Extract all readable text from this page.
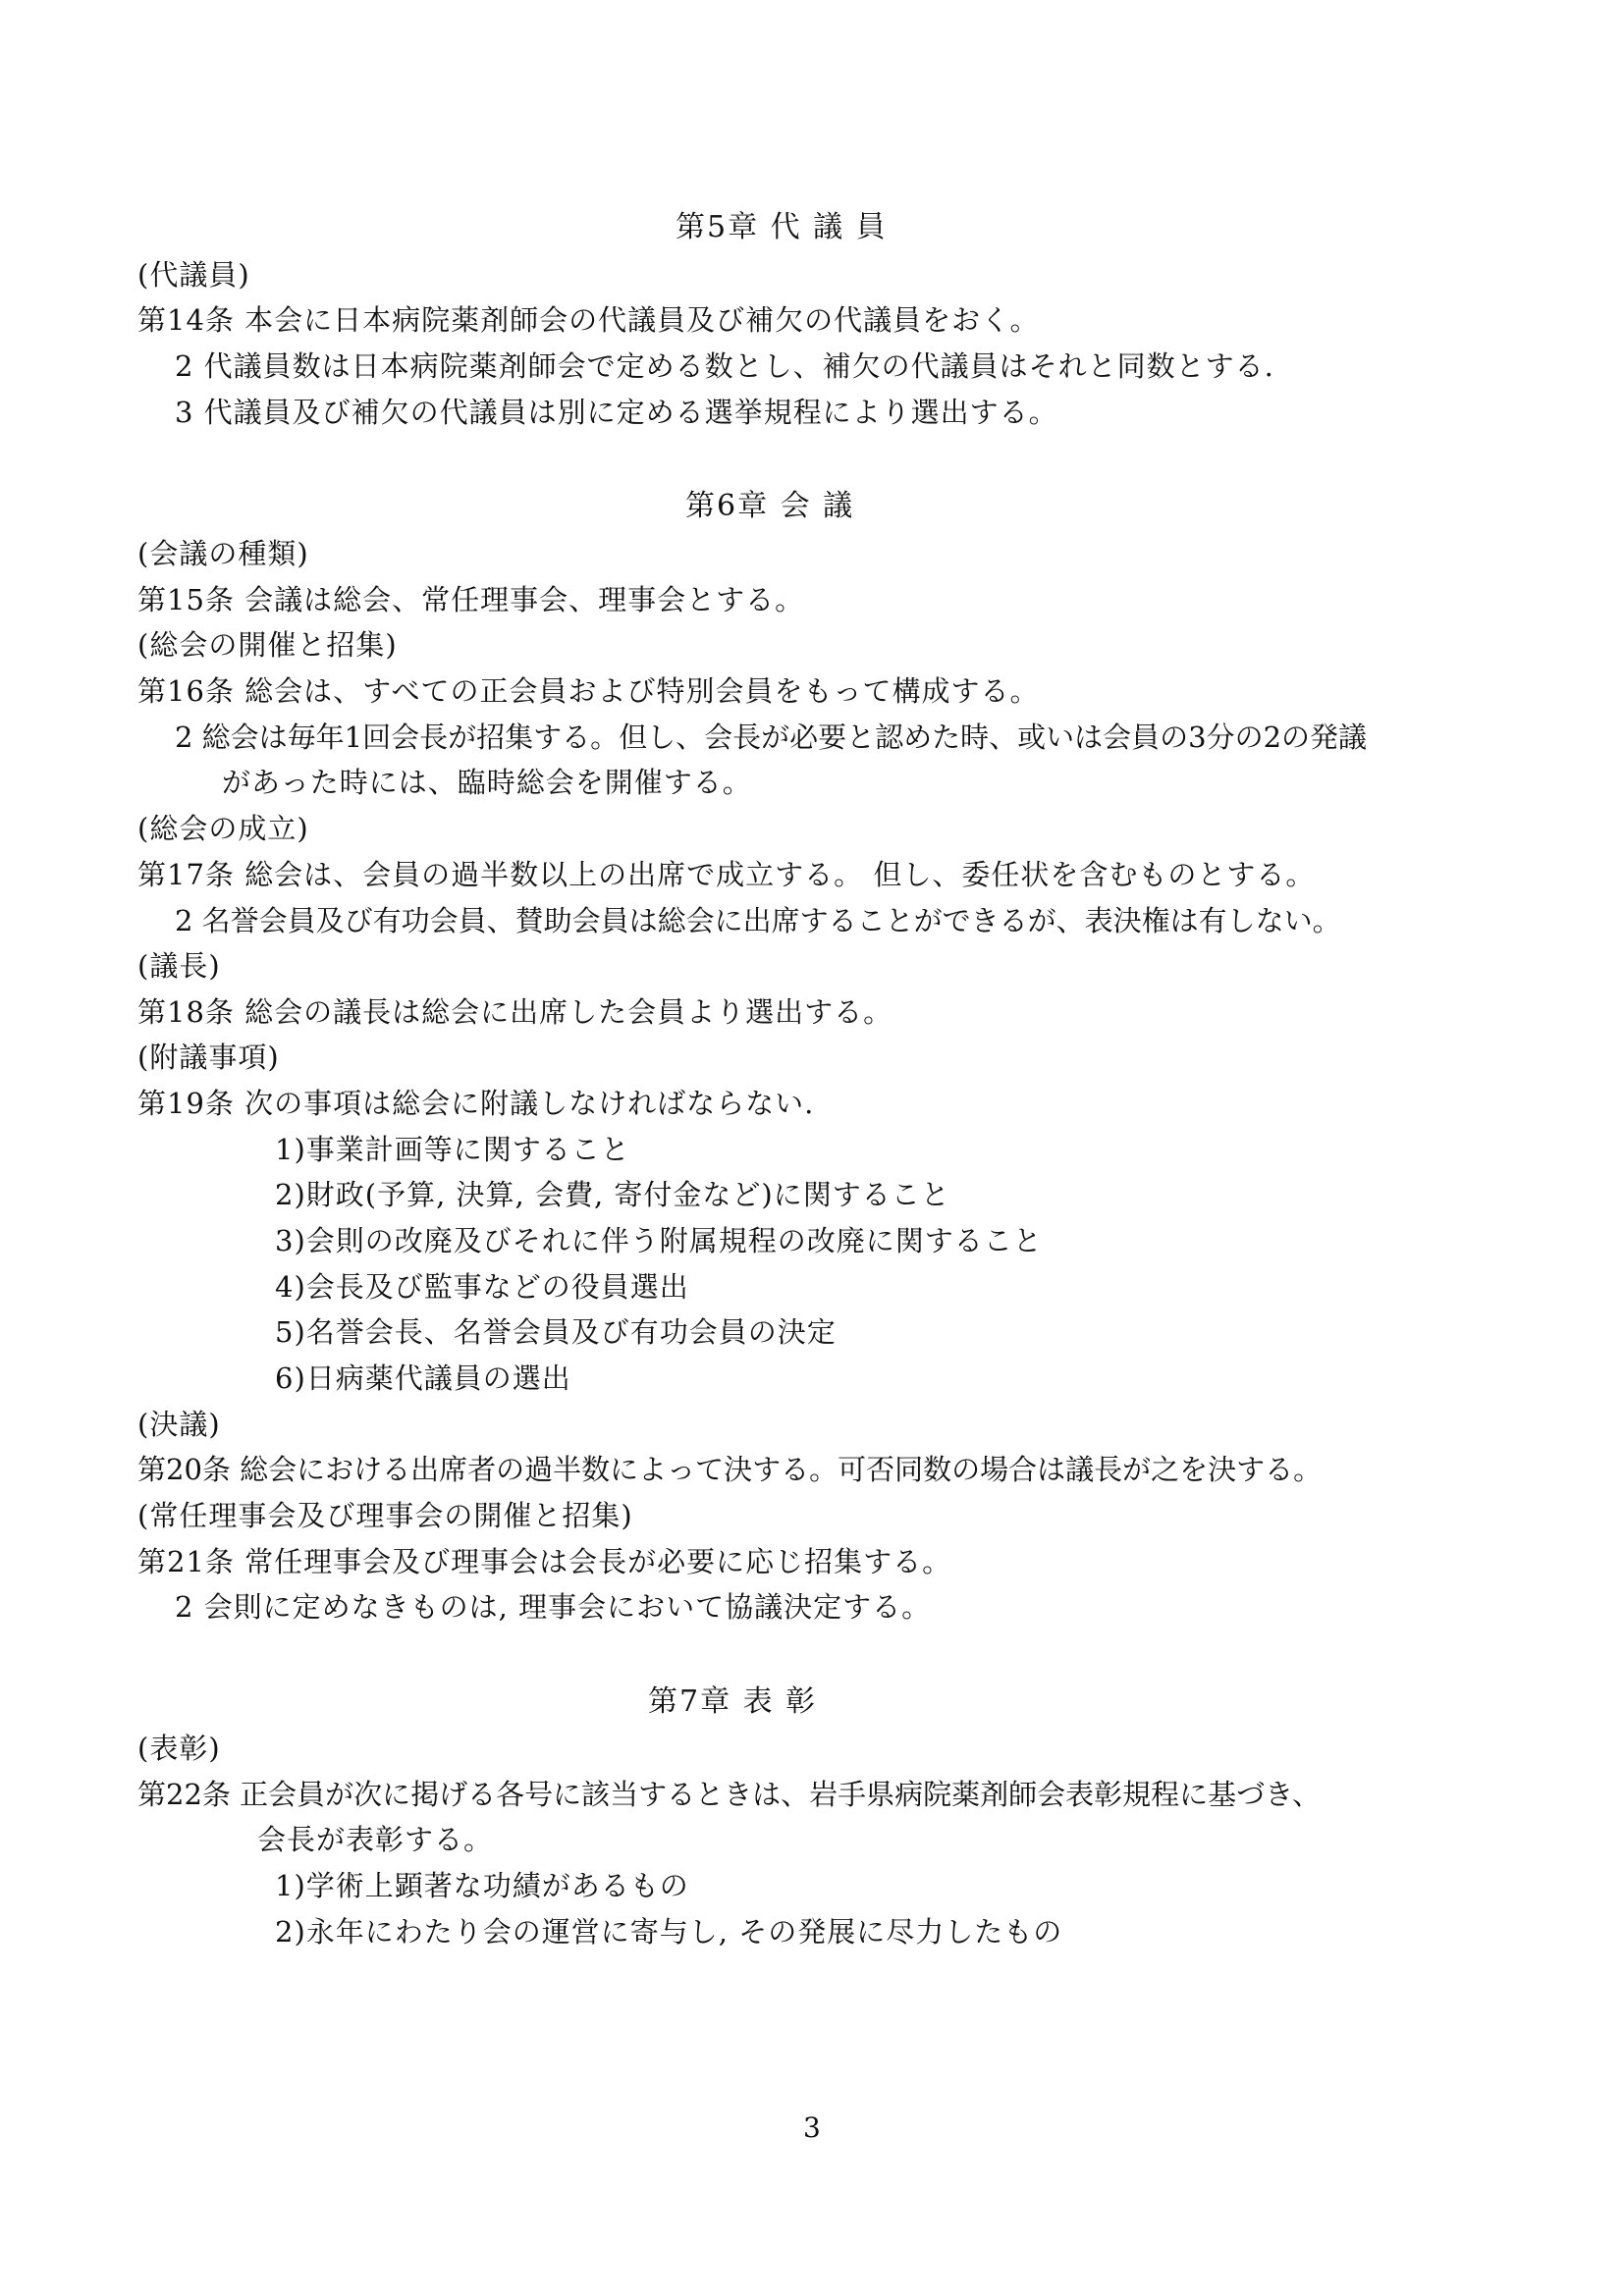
第5章 代 議 員
(代議員)
第14条 本会に日本病院薬剤師会の代議員及び補欠の代議員をおく。
2 代議員数は日本病院薬剤師会で定める数とし、補欠の代議員はそれと同数とする.
3 代議員及び補欠の代議員は別に定める選挙規程により選出する。
第6章 会 議
(会議の種類)
第15条 会議は総会、常任理事会、理事会とする。
(総会の開催と招集)
第16条 総会は、すべての正会員および特別会員をもって構成する。
2 総会は毎年1回会長が招集する。但し、会長が必要と認めた時、或いは会員の3分の2の発議
があった時には、臨時総会を開催する。
(総会の成立)
第17条 総会は、会員の過半数以上の出席で成立する。 但し、委任状を含むものとする。
2 名誉会員及び有功会員、賛助会員は総会に出席することができるが、表決権は有しない。
(議長)
第18条 総会の議長は総会に出席した会員より選出する。
(附議事項)
第19条 次の事項は総会に附議しなければならない.
1)事業計画等に関すること
2)財政(予算, 決算, 会費, 寄付金など)に関すること
3)会則の改廃及びそれに伴う附属規程の改廃に関すること
4)会長及び監事などの役員選出
5)名誉会長、名誉会員及び有功会員の決定
6)日病薬代議員の選出
(決議)
第20条 総会における出席者の過半数によって決する。可否同数の場合は議長が之を決する。
(常任理事会及び理事会の開催と招集)
第21条 常任理事会及び理事会は会長が必要に応じ招集する。
2 会則に定めなきものは, 理事会において協議決定する。
第7章 表 彰
(表彰)
第22条 正会員が次に掲げる各号に該当するときは、岩手県病院薬剤師会表彰規程に基づき、
会長が表彰する。
1)学術上顕著な功績があるもの
2)永年にわたり会の運営に寄与し, その発展に尽力したもの
3
